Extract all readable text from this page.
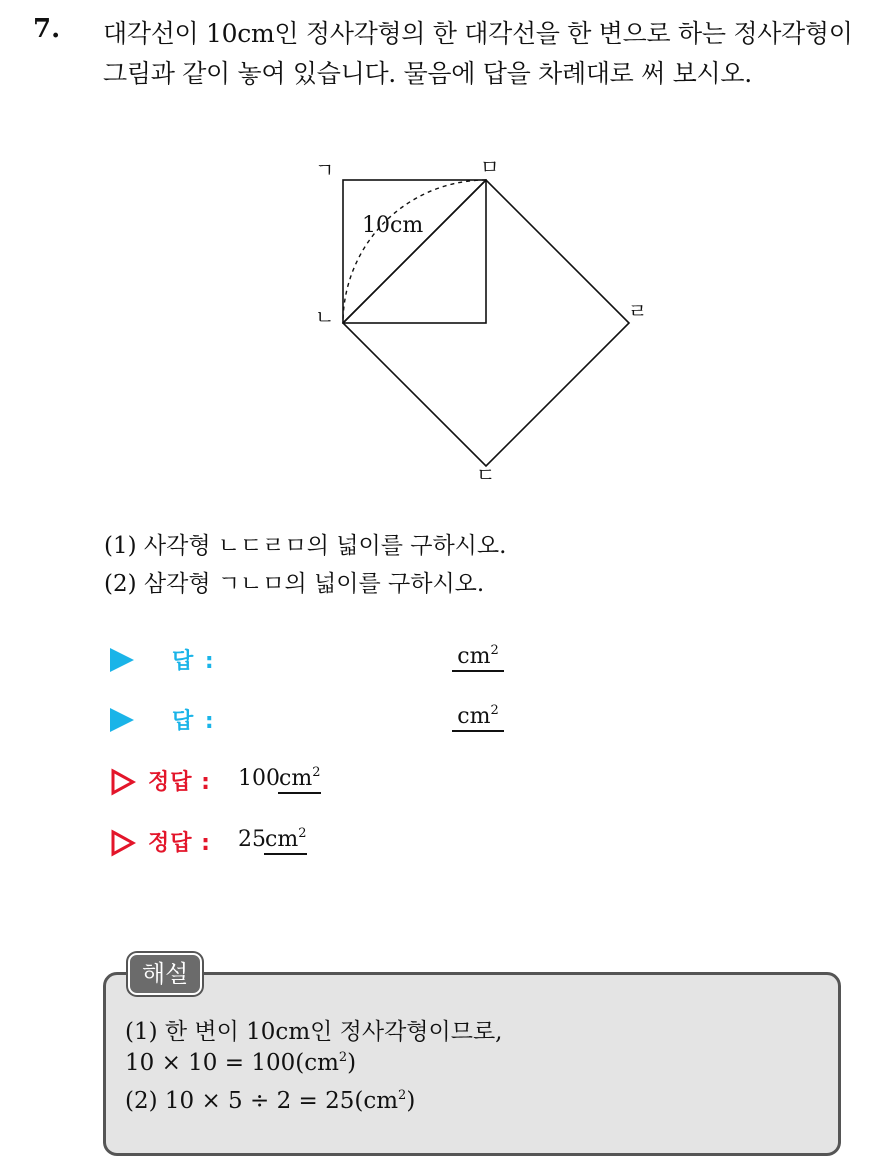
7. 대각선이 10cm인 정사각형의 한 대각선을 한 변으로 하는 정사각형이
그림과 같이 놓여 있습니다. 물음에 답을 차례대로 써 보시오.
ㄱ	ㅁ
ㄴ	ㄹ
ㄷ
10cm
(1) 사각형 ㄴㄷㄹㅁ의 넓이를 구하시오.
(2) 삼각형 ㄱㄴㅁ의 넓이를 구하시오.
답 :	$cm^2$
답 :	$cm^2$
정답 : 100 $cm^2$
정답 : 25 $cm^2$
해설
(1) 한 변이 10cm인 정사각형이므로,
$10 \times 10 = 100(cm^2)$
(2) $10 \times 5 \div 2 = 25(cm^2)$
